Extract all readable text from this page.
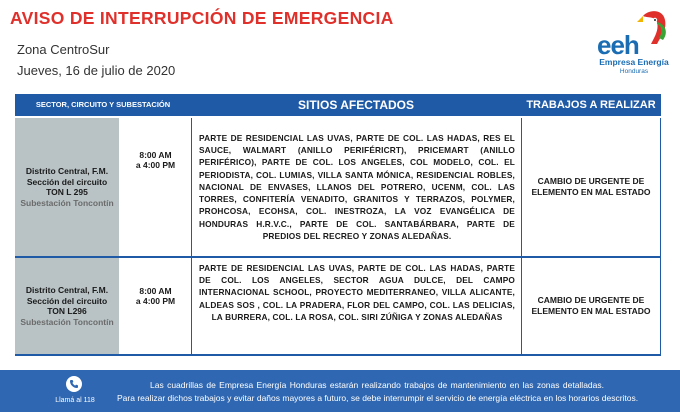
AVISO DE INTERRUPCIÓN DE EMERGENCIA
Zona CentroSur
Jueves, 16 de julio de 2020
eeh
Empresa Energía
Honduras
SECTOR, CIRCUITO Y SUBESTACIÓN	SITIOS AFECTADOS	TRABAJOS A REALIZAR
Distrito Central, F.M.
Sección del circuito
TON L 295
Subestación Toncontín
8:00 AM
a 4:00 PM
PARTE DE RESIDENCIAL LAS UVAS, PARTE DE COL. LAS HADAS, RES EL SAUCE, WALMART (ANILLO PERIFÉRICRT), PRICEMART (ANILLO PERIFÉRICO), PARTE DE COL. LOS ANGELES, COL MODELO, COL. EL PERIODISTA, COL. LUMIAS, VILLA SANTA MÓNICA, RESIDENCIAL ROBLES, NACIONAL DE ENVASES, LLANOS DEL POTRERO, UCENM, COL. LAS TORRES, CONFITERÍA VENADITO, GRANITOS Y TERRAZOS, POLYMER, PROHCOSA, ECOHSA, COL. INESTROZA, LA VOZ EVANGÉLICA DE HONDURAS H.R.V.C., PARTE DE COL. SANTABÁRBARA, PARTE DE PREDIOS DEL RECREO Y ZONAS ALEDAÑAS.
CAMBIO DE URGENTE DE ELEMENTO EN MAL ESTADO
Distrito Central, F.M.
Sección del circuito
TON L296
Subestación Toncontín
8:00 AM
a 4:00 PM
PARTE DE RESIDENCIAL LAS UVAS, PARTE DE COL. LAS HADAS, PARTE DE COL. LOS ANGELES, SECTOR AGUA DULCE, DEL CAMPO INTERNACIONAL SCHOOL, PROYECTO MEDITERRANEO, VILLA ALICANTE, ALDEAS SOS , COL. LA PRADERA, FLOR DEL CAMPO, COL. LAS DELICIAS, LA BURRERA, COL. LA ROSA, COL. SIRI ZÚÑIGA Y ZONAS ALEDAÑAS
CAMBIO DE URGENTE DE ELEMENTO EN MAL ESTADO
Llamá al 118
Las cuadrillas de Empresa Energía Honduras estarán realizando trabajos de mantenimiento en las zonas detalladas.
Para realizar dichos trabajos y evitar daños mayores a futuro, se debe interrumpir el servicio de energía eléctrica en los horarios descritos.
